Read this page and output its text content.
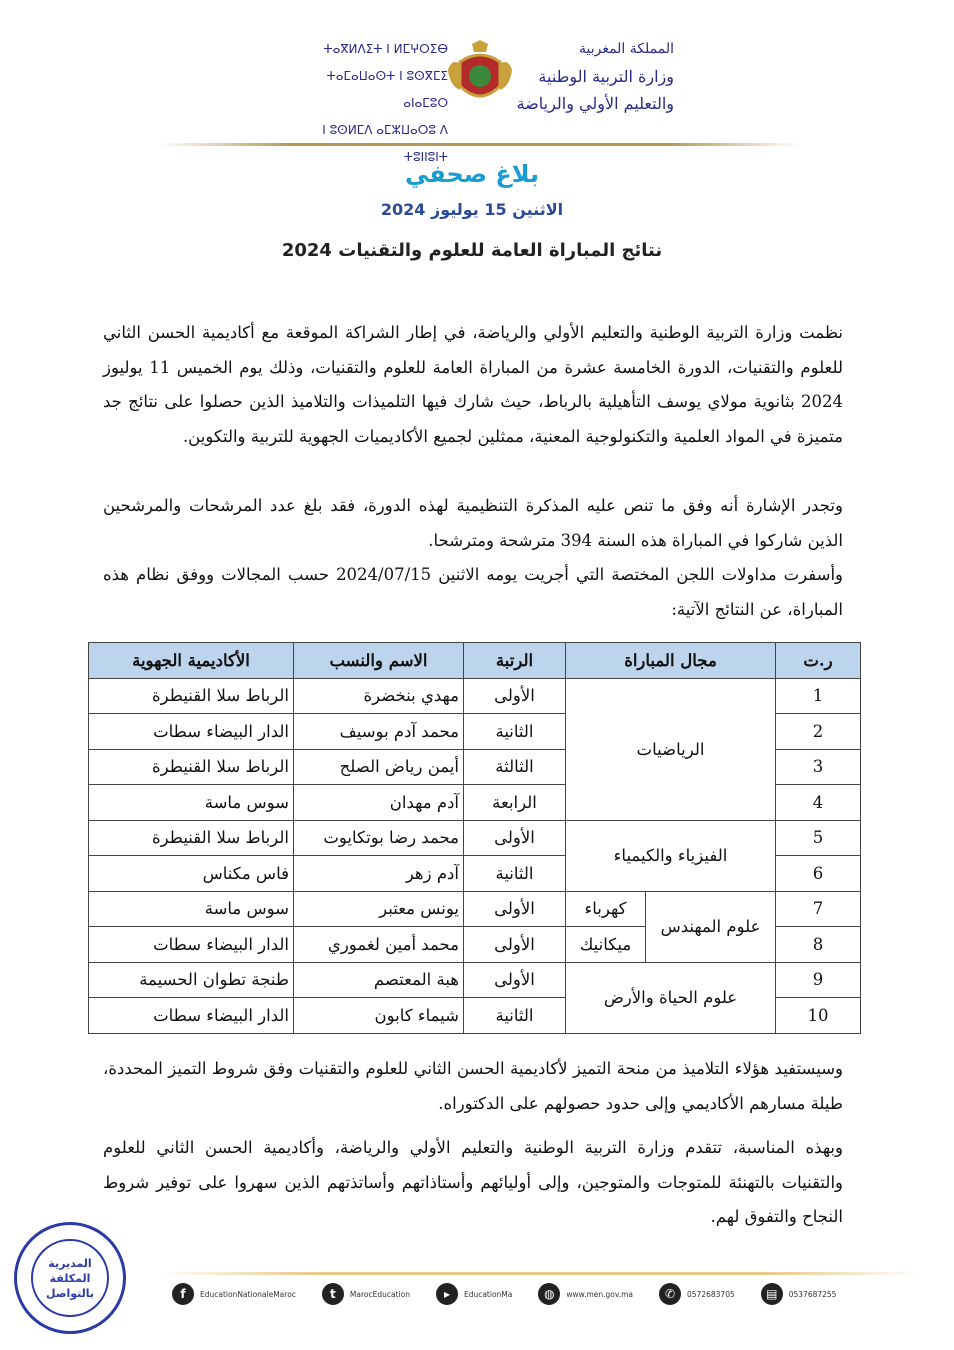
المملكة المغربية
وزارة التربية الوطنية
والتعليم الأولي والرياضة
ⵜⴰⴳⵍⴷⵉⵜ ⵏ ⵍⵎⵖⵔⵉⴱ
ⵜⴰⵎⴰⵡⴰⵙⵜ ⵏ ⵓⵙⴳⵎⵉ ⴰⵏⴰⵎⵓⵔ
ⵏ ⵓⵙⵍⵎⴷ ⴰⵎⵣⵡⴰⵔⵓ ⴷ ⵜⵓⵏⵏⵓⵏⵜ
بلاغ صحفي
الاثنين 15 يوليوز 2024
نتائج المباراة العامة للعلوم والتقنيات 2024

نظمت وزارة التربية الوطنية والتعليم الأولي والرياضة، في إطار الشراكة الموقعة مع أكاديمية الحسن الثاني للعلوم والتقنيات، الدورة الخامسة عشرة من المباراة العامة للعلوم والتقنيات، وذلك يوم الخميس 11 يوليوز 2024 بثانوية مولاي يوسف التأهيلية بالرباط، حيث شارك فيها التلميذات والتلاميذ الذين حصلوا على نتائج جد متميزة في المواد العلمية والتكنولوجية المعنية، ممثلين لجميع الأكاديميات الجهوية للتربية والتكوين.

وتجدر الإشارة أنه وفق ما تنص عليه المذكرة التنظيمية لهذه الدورة، فقد بلغ عدد المرشحات والمرشحين الذين شاركوا في المباراة هذه السنة 394 مترشحة ومترشحا.

وأسفرت مداولات اللجن المختصة التي أجريت يومه الاثنين 2024/07/15 حسب المجالات ووفق نظام هذه المباراة، عن النتائج الآتية:

ر.ت	مجال المباراة		الرتبة	الاسم والنسب	الأكاديمية الجهوية
1	الرياضيات		الأولى	مهدي بنخضرة	الرباط سلا القنيطرة
2			الثانية	محمد آدم بوسيف	الدار البيضاء سطات
3			الثالثة	أيمن رياض الصلح	الرباط سلا القنيطرة
4			الرابعة	آدم مهدان	سوس ماسة
5	الفيزياء والكيمياء		الأولى	محمد رضا بوتكايوت	الرباط سلا القنيطرة
6			الثانية	آدم زهر	فاس مكناس
7	علوم المهندس	كهرباء	الأولى	يونس معتبر	سوس ماسة
8		ميكانيك	الأولى	محمد أمين لغموري	الدار البيضاء سطات
9	علوم الحياة والأرض		الأولى	هبة المعتصم	طنجة تطوان الحسيمة
10			الثانية	شيماء كابون	الدار البيضاء سطات

وسيستفيد هؤلاء التلاميذ من منحة التميز لأكاديمية الحسن الثاني للعلوم والتقنيات وفق شروط التميز المحددة، طيلة مسارهم الأكاديمي وإلى حدود حصولهم على الدكتوراه.

وبهذه المناسبة، تتقدم وزارة التربية الوطنية والتعليم الأولي والرياضة، وأكاديمية الحسن الثاني للعلوم والتقنيات بالتهنئة للمتوجات والمتوجين، وإلى أوليائهم وأستاذاتهم وأساتذتهم الذين سهروا على توفير شروط النجاح والتفوق لهم.

f	EducationNationaleMaroc	t	MarocEducation	▸	EducationMa	◍	www.men.gov.ma	✆	0572683705	▤	0537687255
المديرية المكلفة بالتواصل
